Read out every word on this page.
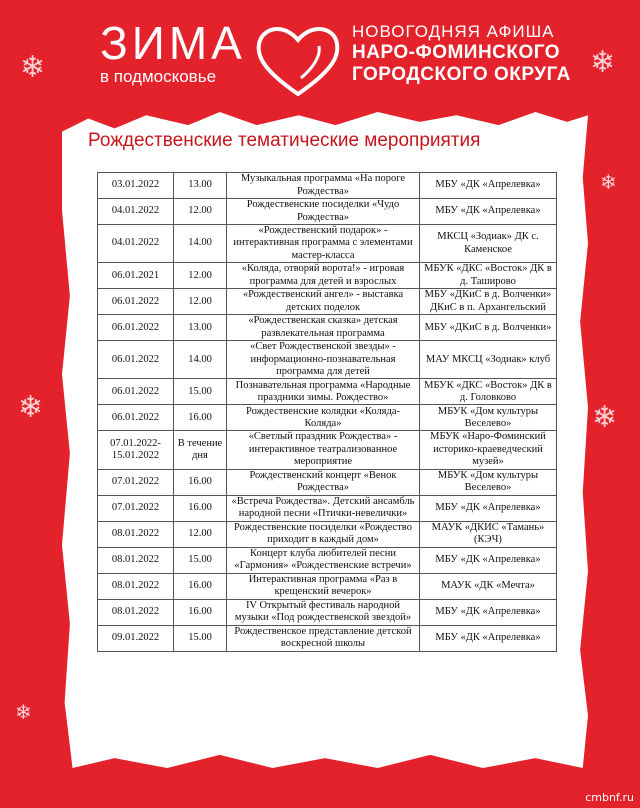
❄	❄
❄	❄
❄
❄
ЗИМА
в подмосковье
НОВОГОДНЯЯ АФИША
НАРО-ФОМИНСКОГО
ГОРОДСКОГО ОКРУГА
Рождественские тематические мероприятия
03.01.2022	13.00	Музыкальная программа «На пороге Рождества»	МБУ «ДК «Апрелевка»
04.01.2022	12.00	Рождественские посиделки «Чудо Рождества»	МБУ «ДК «Апрелевка»
04.01.2022	14.00	«Рождественский подарок» - интерактивная программа с элементами мастер-класса	МКСЦ «Зодиак» ДК с. Каменское
06.01.2021	12.00	«Коляда, отворяй ворота!» - игровая программа для детей и взрослых	МБУК «ДКС «Восток» ДК в д. Таширово
06.01.2022	12.00	«Рождественский ангел» - выставка детских поделок	МБУ «ДКиС в д. Волченки» ДКиС в п. Архангельский
06.01.2022	13.00	«Рождественская сказка» детская развлекательная программа	МБУ «ДКиС в д. Волченки»
06.01.2022	14.00	«Свет Рождественской звезды» - информационно-познавательная программа для детей	МАУ МКСЦ «Зодиак» клуб
06.01.2022	15.00	Познавательная программа «Народные праздники зимы. Рождество»	МБУК «ДКС «Восток» ДК в д. Головково
06.01.2022	16.00	Рождественские колядки «Коляда-Коляда»	МБУК «Дом культуры Веселево»
07.01.2022-15.01.2022	В течение дня	«Светлый праздник Рождества» - интерактивное театрализованное мероприятие	МБУК «Наро-Фоминский историко-краеведческий музей»
07.01.2022	16.00	Рождественский концерт «Венок Рождества»	МБУК «Дом культуры Веселево»
07.01.2022	16.00	«Встреча Рождества». Детский ансамбль народной песни «Птички-невелички»	МБУ «ДК «Апрелевка»
08.01.2022	12.00	Рождественские посиделки «Рождество приходит в каждый дом»	МАУК «ДКИС «Тамань» (КЭЧ)
08.01.2022	15.00	Концерт клуба любителей песни «Гармония» «Рождественские встречи»	МБУ «ДК «Апрелевка»
08.01.2022	16.00	Интерактивная программа «Раз в крещенский вечерок»	МАУК «ДК «Мечта»
08.01.2022	16.00	IV Открытый фестиваль народной музыки «Под рождественской звездой»	МБУ «ДК «Апрелевка»
09.01.2022	15.00	Рождественское представление детской воскресной школы	МБУ «ДК «Апрелевка»
cmbnf.ru
